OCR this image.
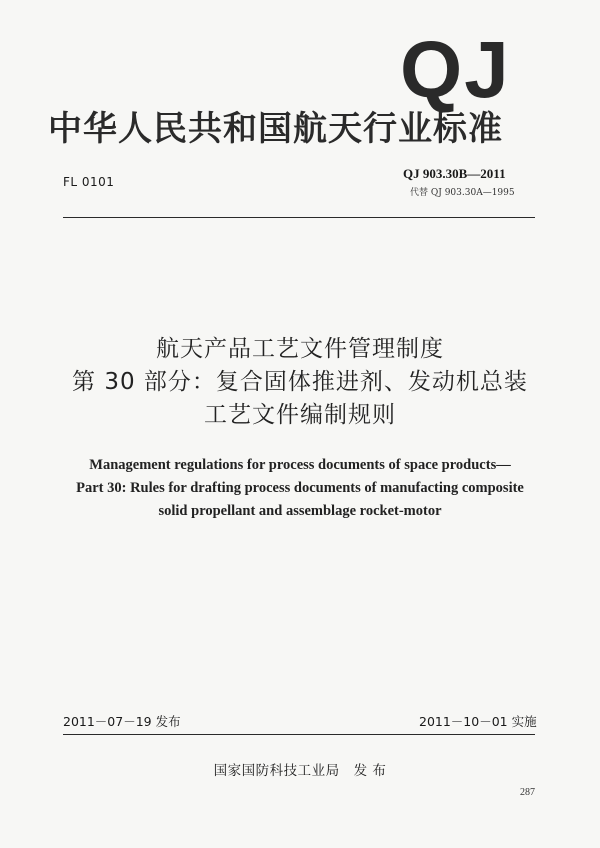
QJ
中华人民共和国航天行业标准
FL 0101
QJ 903.30B—2011
代替 QJ 903.30A—1995
航天产品工艺文件管理制度
第 30 部分：复合固体推进剂、发动机总装
工艺文件编制规则
Management regulations for process documents of space products—
Part 30: Rules for drafting process documents of manufacting composite
solid propellant and assemblage rocket-motor
2011－07－19 发布	2011－10－01 实施
国家国防科技工业局　发 布
287
